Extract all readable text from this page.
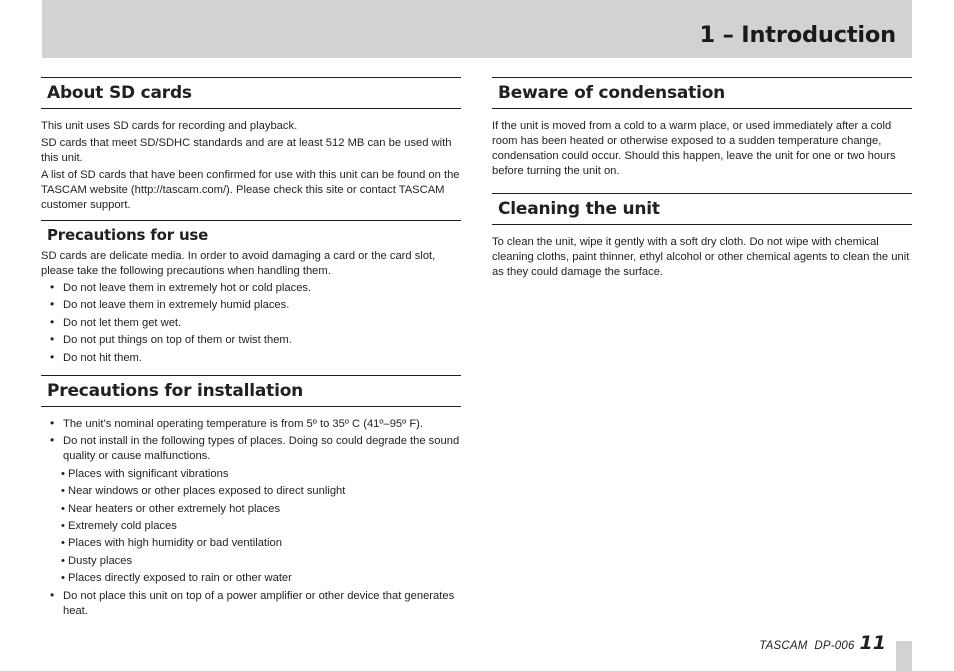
1 – Introduction
About SD cards

This unit uses SD cards for recording and playback.

SD cards that meet SD/SDHC standards and are at least 512 MB can be used with this unit.

A list of SD cards that have been confirmed for use with this unit can be found on the TASCAM website (http://tascam.com/). Please check this site or contact TASCAM customer support.

Precautions for use

SD cards are delicate media. In order to avoid damaging a card or the card slot, please take the following precautions when handling them.

• Do not leave them in extremely hot or cold places.
• Do not leave them in extremely humid places.
• Do not let them get wet.
• Do not put things on top of them or twist them.
• Do not hit them.
Precautions for installation
• The unit’s nominal operating temperature is from 5º to 35º C (41º–95º F).
• Do not install in the following types of places. Doing so could degrade the sound quality or cause malfunctions.
• Places with significant vibrations
• Near windows or other places exposed to direct sunlight
• Near heaters or other extremely hot places
• Extremely cold places
• Places with high humidity or bad ventilation
• Dusty places
• Places directly exposed to rain or other water
• Do not place this unit on top of a power amplifier or other device that generates heat.
Beware of condensation

If the unit is moved from a cold to a warm place, or used immediately after a cold room has been heated or otherwise exposed to a sudden temperature change, condensation could occur. Should this happen, leave the unit for one or two hours before turning the unit on.

Cleaning the unit

To clean the unit, wipe it gently with a soft dry cloth. Do not wipe with chemical cleaning cloths, paint thinner, ethyl alcohol or other chemical agents to clean the unit as they could damage the surface.

TASCAM  DP-006 11
